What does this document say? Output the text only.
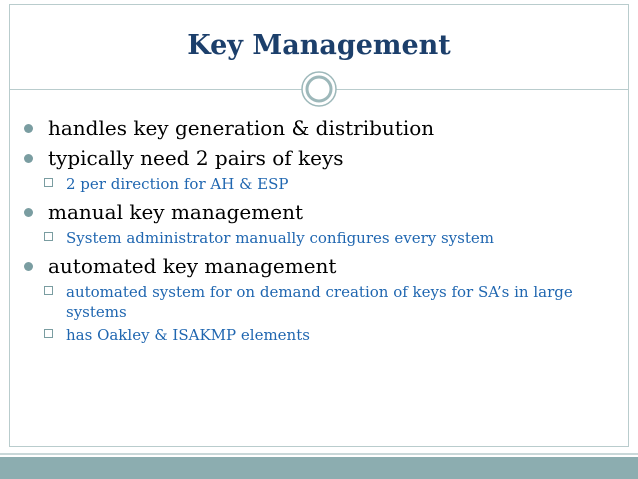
Key Management
handles key generation & distribution
typically need 2 pairs of keys
2 per direction for AH & ESP
manual key management
System administrator manually configures every system
automated key management
automated system for on demand creation of keys for SA’s in large systems
has Oakley & ISAKMP elements
